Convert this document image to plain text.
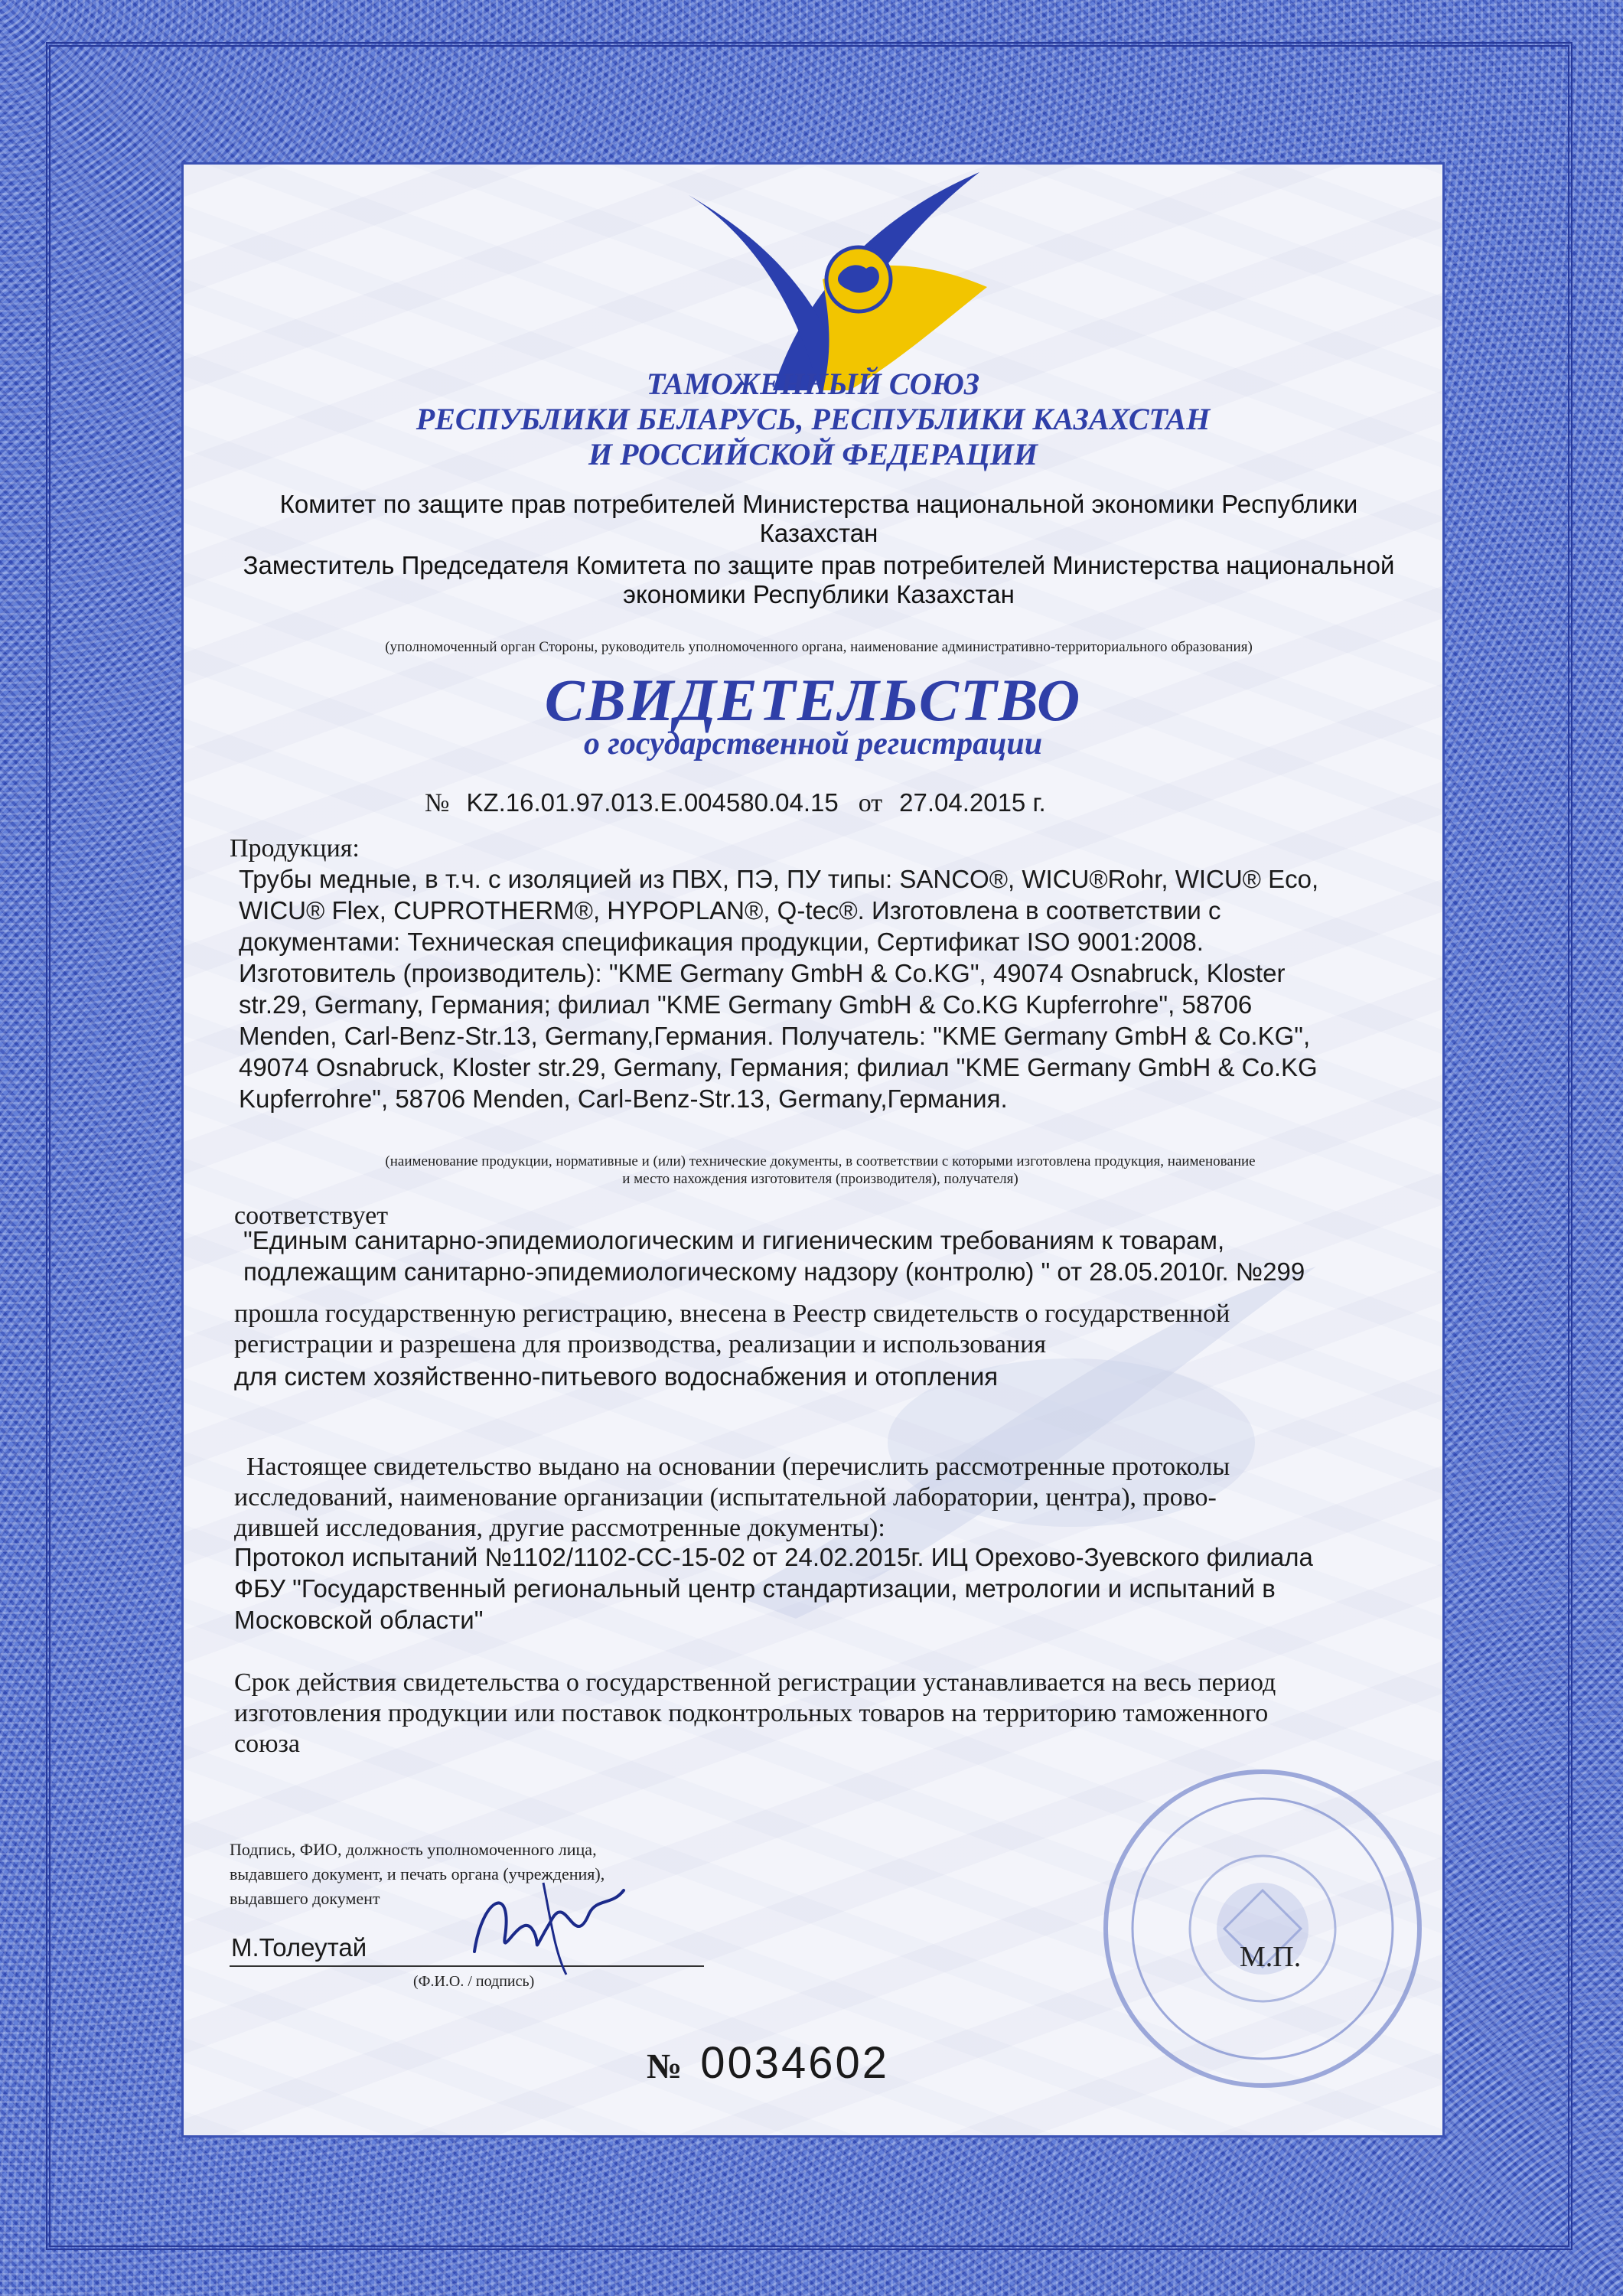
ТАМОЖЕННЫЙ СОЮЗ
РЕСПУБЛИКИ БЕЛАРУСЬ, РЕСПУБЛИКИ КАЗАХСТАН
И РОССИЙСКОЙ ФЕДЕРАЦИИ
Комитет по защите прав потребителей Министерства национальной экономики Республики
Казахстан
Заместитель Председателя Комитета по защите прав потребителей Министерства национальной
экономики Республики Казахстан
(уполномоченный орган Стороны, руководитель уполномоченного органа, наименование административно-территориального образования)
СВИДЕТЕЛЬСТВО
о государственной регистрации
№ KZ.16.01.97.013.E.004580.04.15 от 27.04.2015 г.
Продукция:
Трубы медные, в т.ч. с изоляцией из ПВХ, ПЭ, ПУ типы: SANCO®, WICU®Rohr, WICU® Eco,
WICU® Flex, CUPROTHERM®, HYPOPLAN®, Q-tec®. Изготовлена в соответствии с
документами: Техническая спецификация продукции, Сертификат ISO 9001:2008.
Изготовитель (производитель): "KME Germany GmbH & Co.KG", 49074 Osnabruck, Kloster
str.29, Germany, Германия; филиал "KME Germany GmbH & Co.KG Kupferrohre", 58706
Menden, Carl-Benz-Str.13, Germany,Германия. Получатель: "KME Germany GmbH & Co.KG",
49074 Osnabruck, Kloster str.29, Germany, Германия; филиал "KME Germany GmbH & Co.KG
Kupferrohre", 58706 Menden, Carl-Benz-Str.13, Germany,Германия.
(наименование продукции, нормативные и (или) технические документы, в соответствии с которыми изготовлена продукция, наименование
и место нахождения изготовителя (производителя), получателя)
соответствует
"Единым санитарно-эпидемиологическим и гигиеническим требованиям к товарам,
подлежащим санитарно-эпидемиологическому надзору (контролю) " от 28.05.2010г. №299
прошла государственную регистрацию, внесена в Реестр свидетельств о государственной
регистрации и разрешена для производства, реализации и использования
для систем хозяйственно-питьевого водоснабжения и отопления
Настоящее свидетельство выдано на основании (перечислить рассмотренные протоколы
исследований, наименование организации (испытательной лаборатории, центра), прово-
дившей исследования, другие рассмотренные документы):
Протокол испытаний №1102/1102-СС-15-02 от 24.02.2015г. ИЦ Орехово-Зуевского филиала
ФБУ "Государственный региональный центр стандартизации, метрологии и испытаний в
Московской области"
Срок действия свидетельства о государственной регистрации устанавливается на весь период
изготовления продукции или поставок подконтрольных товаров на территорию таможенного
союза
Подпись, ФИО, должность уполномоченного лица,
выдавшего документ, и печать органа (учреждения),
выдавшего документ
М.Толеутай
(Ф.И.О. / подпись)
М.П.
№ 0034602
